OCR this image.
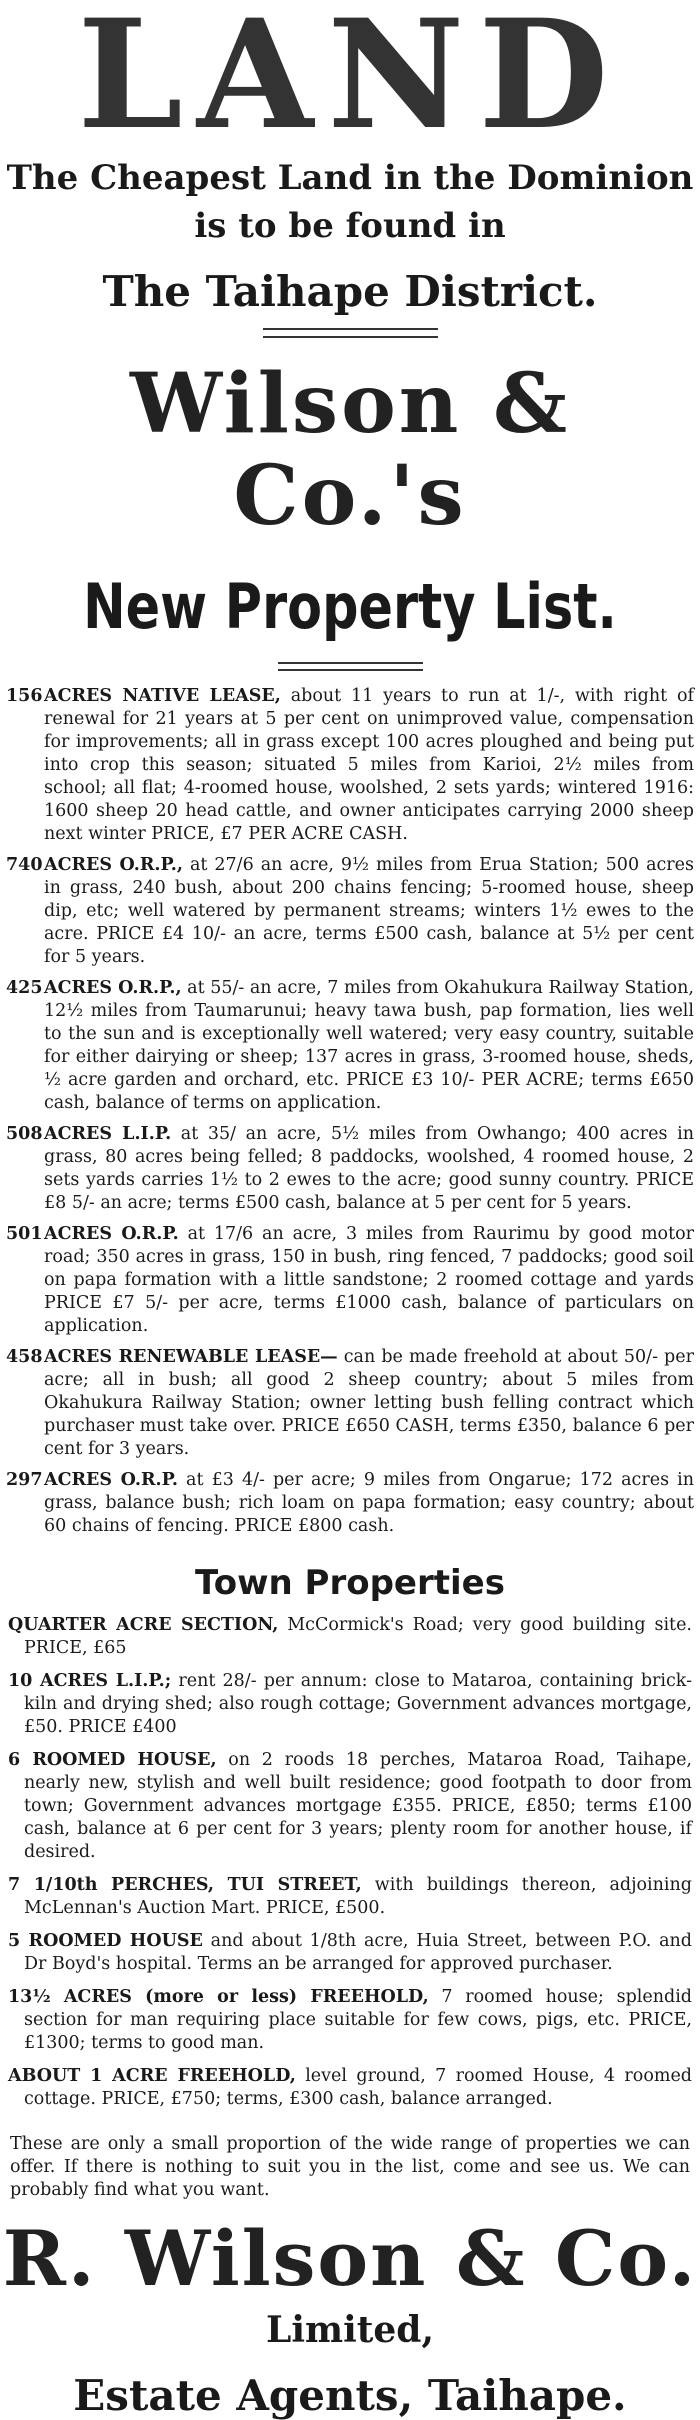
LAND
The Cheapest Land in the Dominion
is to be found in
The Taihape District.
Wilson & Co.'s
New Property List.
156 ACRES NATIVE LEASE, about 11 years to run at 1/-, with right of renewal for 21 years at 5 per cent on unimproved value, compensation for improvements; all in grass except 100 acres ploughed and being put into crop this season; situated 5 miles from Karioi, 2½ miles from school; all flat; 4-roomed house, woolshed, 2 sets yards; wintered 1916: 1600 sheep 20 head cattle, and owner anticipates carrying 2000 sheep next winter PRICE, £7 PER ACRE CASH.
740 ACRES O.R.P., at 27/6 an acre, 9½ miles from Erua Station; 500 acres in grass, 240 bush, about 200 chains fencing; 5-roomed house, sheep dip, etc; well watered by permanent streams; winters 1½ ewes to the acre. PRICE £4 10/- an acre, terms £500 cash, balance at 5½ per cent for 5 years.
425 ACRES O.R.P., at 55/- an acre, 7 miles from Okahukura Railway Station, 12½ miles from Taumarunui; heavy tawa bush, pap formation, lies well to the sun and is exceptionally well watered; very easy country, suitable for either dairying or sheep; 137 acres in grass, 3-roomed house, sheds, ½ acre garden and orchard, etc. PRICE £3 10/- PER ACRE; terms £650 cash, balance of terms on application.
508 ACRES L.I.P. at 35/ an acre, 5½ miles from Owhango; 400 acres in grass, 80 acres being felled; 8 paddocks, woolshed, 4 roomed house, 2 sets yards carries 1½ to 2 ewes to the acre; good sunny country. PRICE £8 5/- an acre; terms £500 cash, balance at 5 per cent for 5 years.
501 ACRES O.R.P. at 17/6 an acre, 3 miles from Raurimu by good motor road; 350 acres in grass, 150 in bush, ring fenced, 7 paddocks; good soil on papa formation with a little sandstone; 2 roomed cottage and yards PRICE £7 5/- per acre, terms £1000 cash, balance of particulars on application.
458 ACRES RENEWABLE LEASE— can be made freehold at about 50/- per acre; all in bush; all good 2 sheep country; about 5 miles from Okahukura Railway Station; owner letting bush felling contract which purchaser must take over. PRICE £650 CASH, terms £350, balance 6 per cent for 3 years.
297 ACRES O.R.P. at £3 4/- per acre; 9 miles from Ongarue; 172 acres in grass, balance bush; rich loam on papa formation; easy country; about 60 chains of fencing. PRICE £800 cash.
Town Properties
QUARTER ACRE SECTION, McCormick's Road; very good building site. PRICE, £65
10 ACRES L.I.P.; rent 28/- per annum: close to Mataroa, containing brick-kiln and drying shed; also rough cottage; Government advances mortgage, £50. PRICE £400
6 ROOMED HOUSE, on 2 roods 18 perches, Mataroa Road, Taihape, nearly new, stylish and well built residence; good footpath to door from town; Government advances mortgage £355. PRICE, £850; terms £100 cash, balance at 6 per cent for 3 years; plenty room for another house, if desired.
7 1/10th PERCHES, TUI STREET, with buildings thereon, adjoining McLennan's Auction Mart. PRICE, £500.
5 ROOMED HOUSE and about 1/8th acre, Huia Street, between P.O. and Dr Boyd's hospital. Terms an be arranged for approved purchaser.
13½ ACRES (more or less) FREEHOLD, 7 roomed house; splendid section for man requiring place suitable for few cows, pigs, etc. PRICE, £1300; terms to good man.
ABOUT 1 ACRE FREEHOLD, level ground, 7 roomed House, 4 roomed cottage. PRICE, £750; terms, £300 cash, balance arranged.
These are only a small proportion of the wide range of properties we can offer. If there is nothing to suit you in the list, come and see us. We can probably find what you want.
R. Wilson & Co.
Limited,
Estate Agents, Taihape.
